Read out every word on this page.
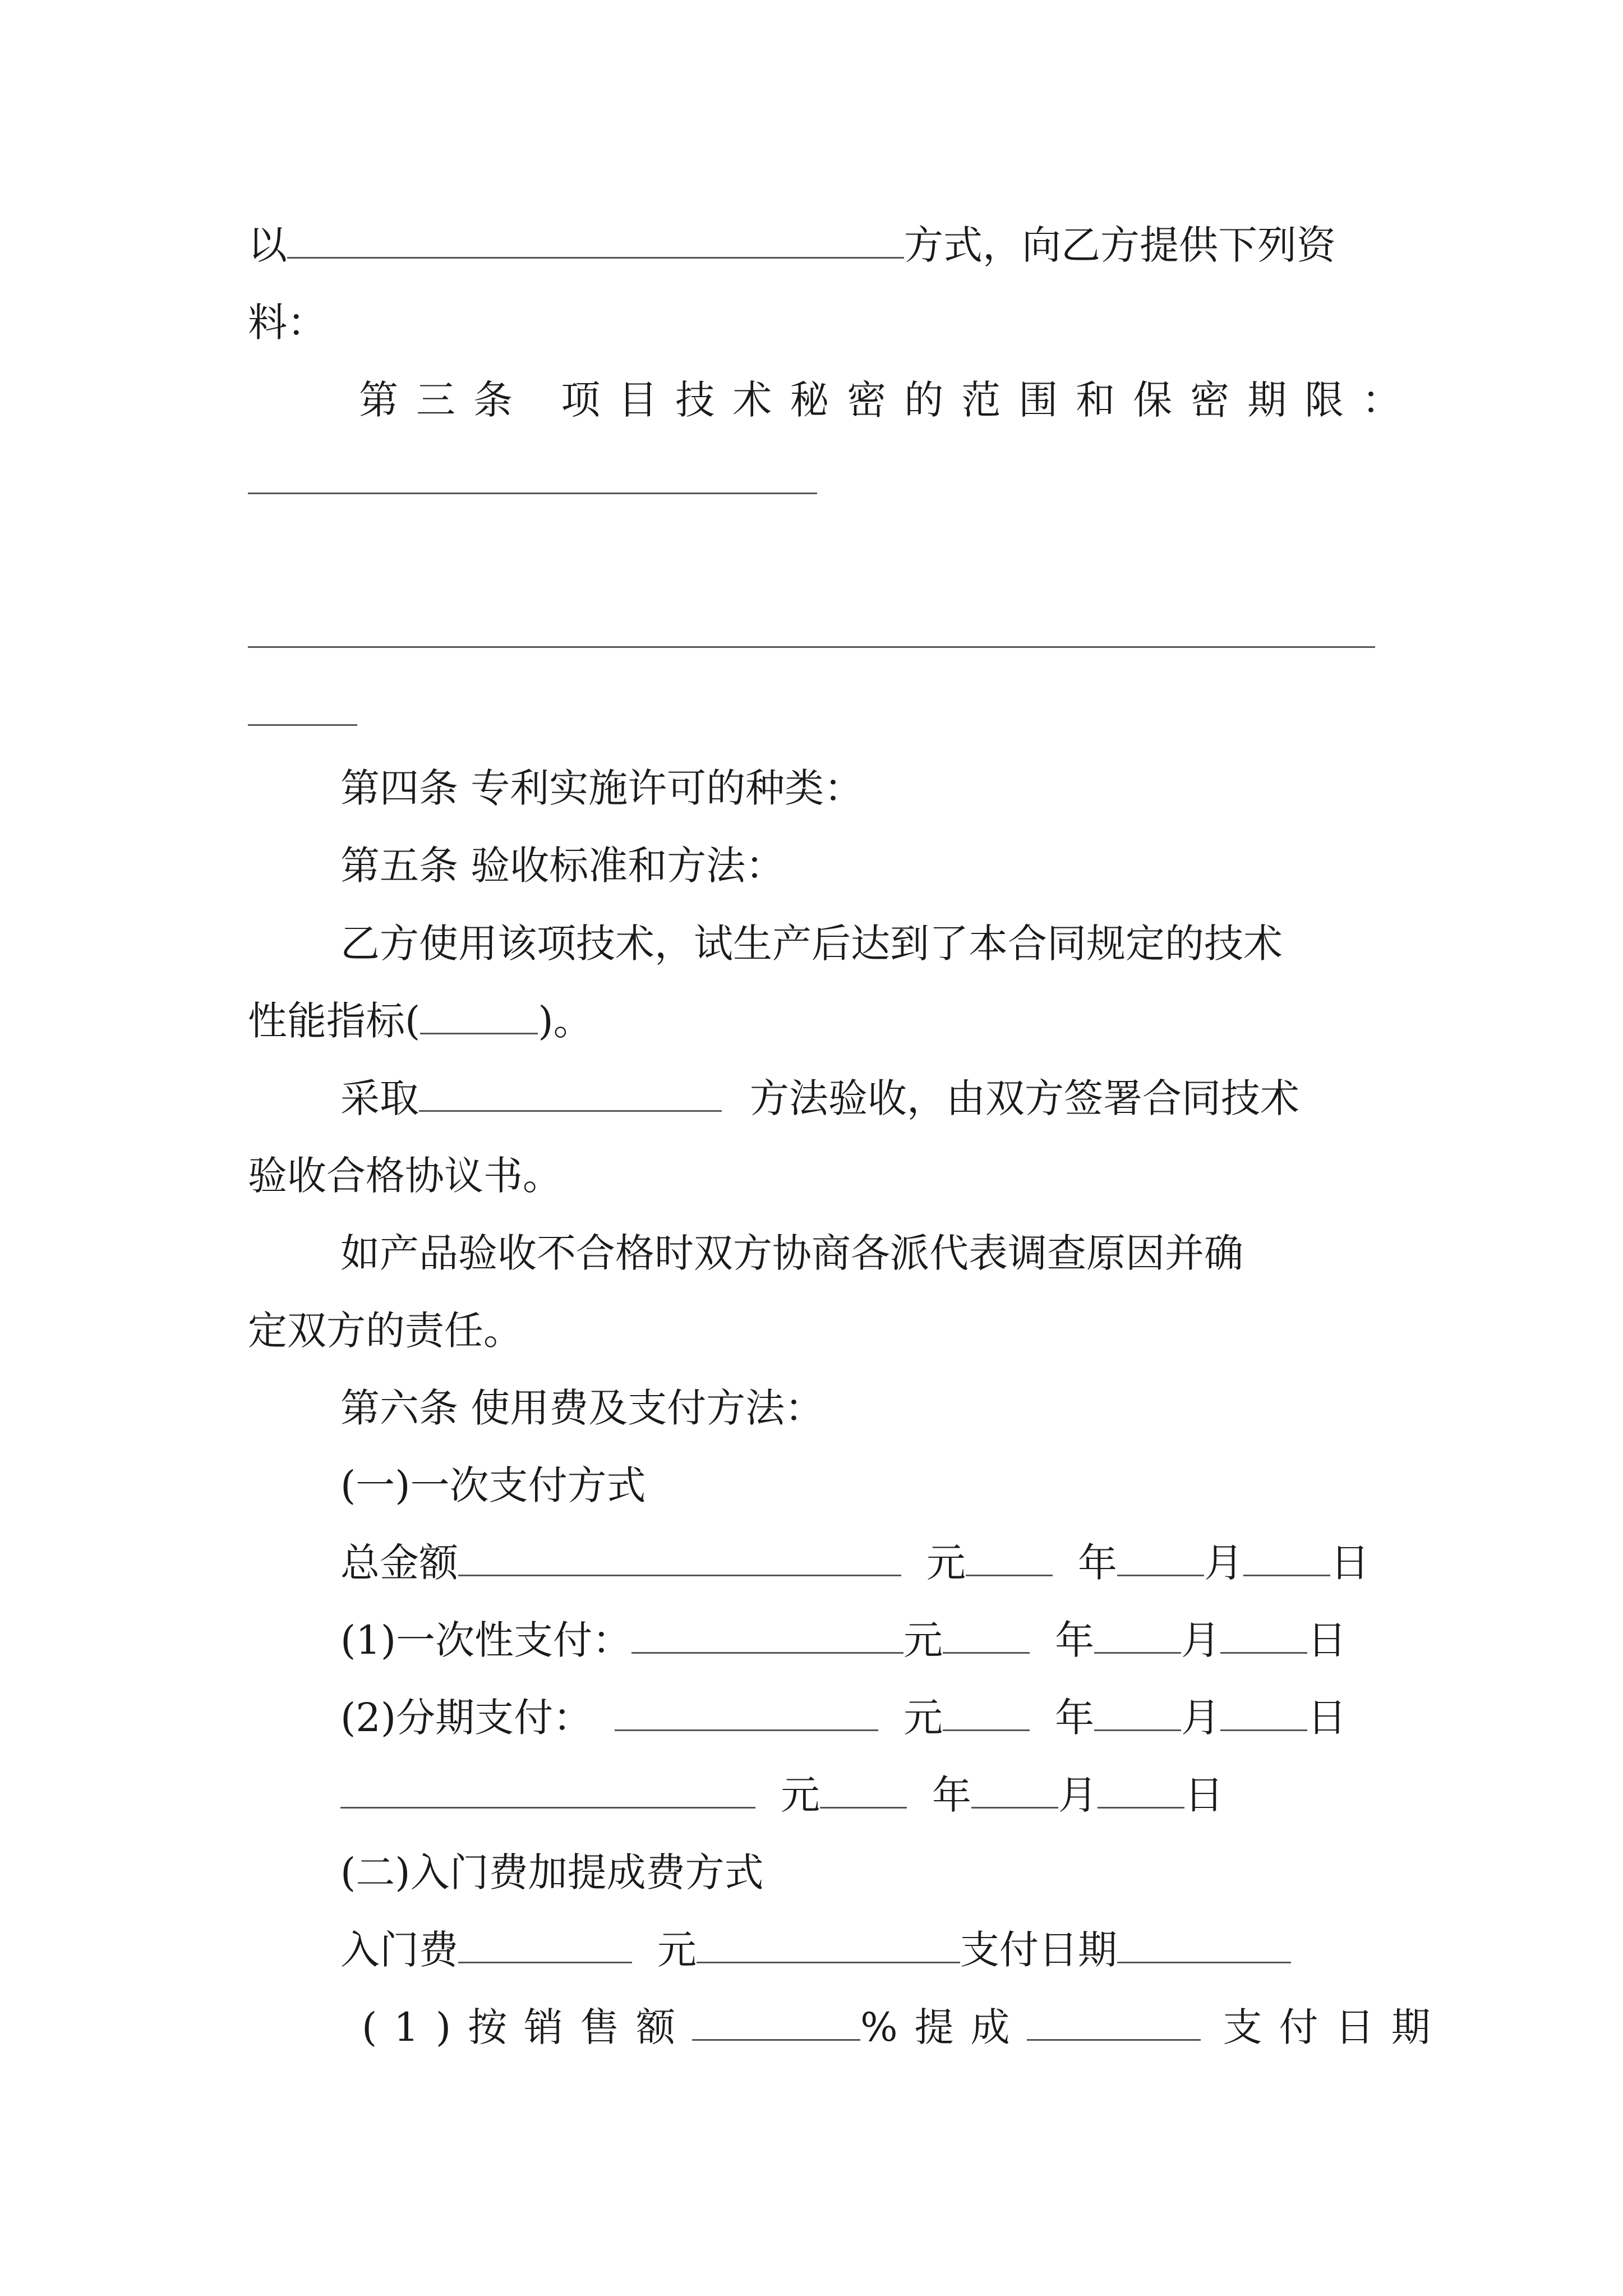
以	方式，向乙方提供下列资
料：
第三条 项目技术秘密的范围和保密期限：
第四条 专利实施许可的种类：
第五条 验收标准和方法：
乙方使用该项技术，试生产后达到了本合同规定的技术
性能指标(	)。
采取	方法验收，由双方签署合同技术
验收合格协议书。
如产品验收不合格时双方协商各派代表调查原因并确
定双方的责任。
第六条 使用费及支付方法：
(一)一次支付方式
总金额	元	年 月 日
(1)一次性支付：	元	年 月 日
(2)分期支付：	元	年 月 日
元	年 月 日
(二)入门费加提成费方式
入门费	元	支付日期
(1)按销售额	%提成	支付日期
